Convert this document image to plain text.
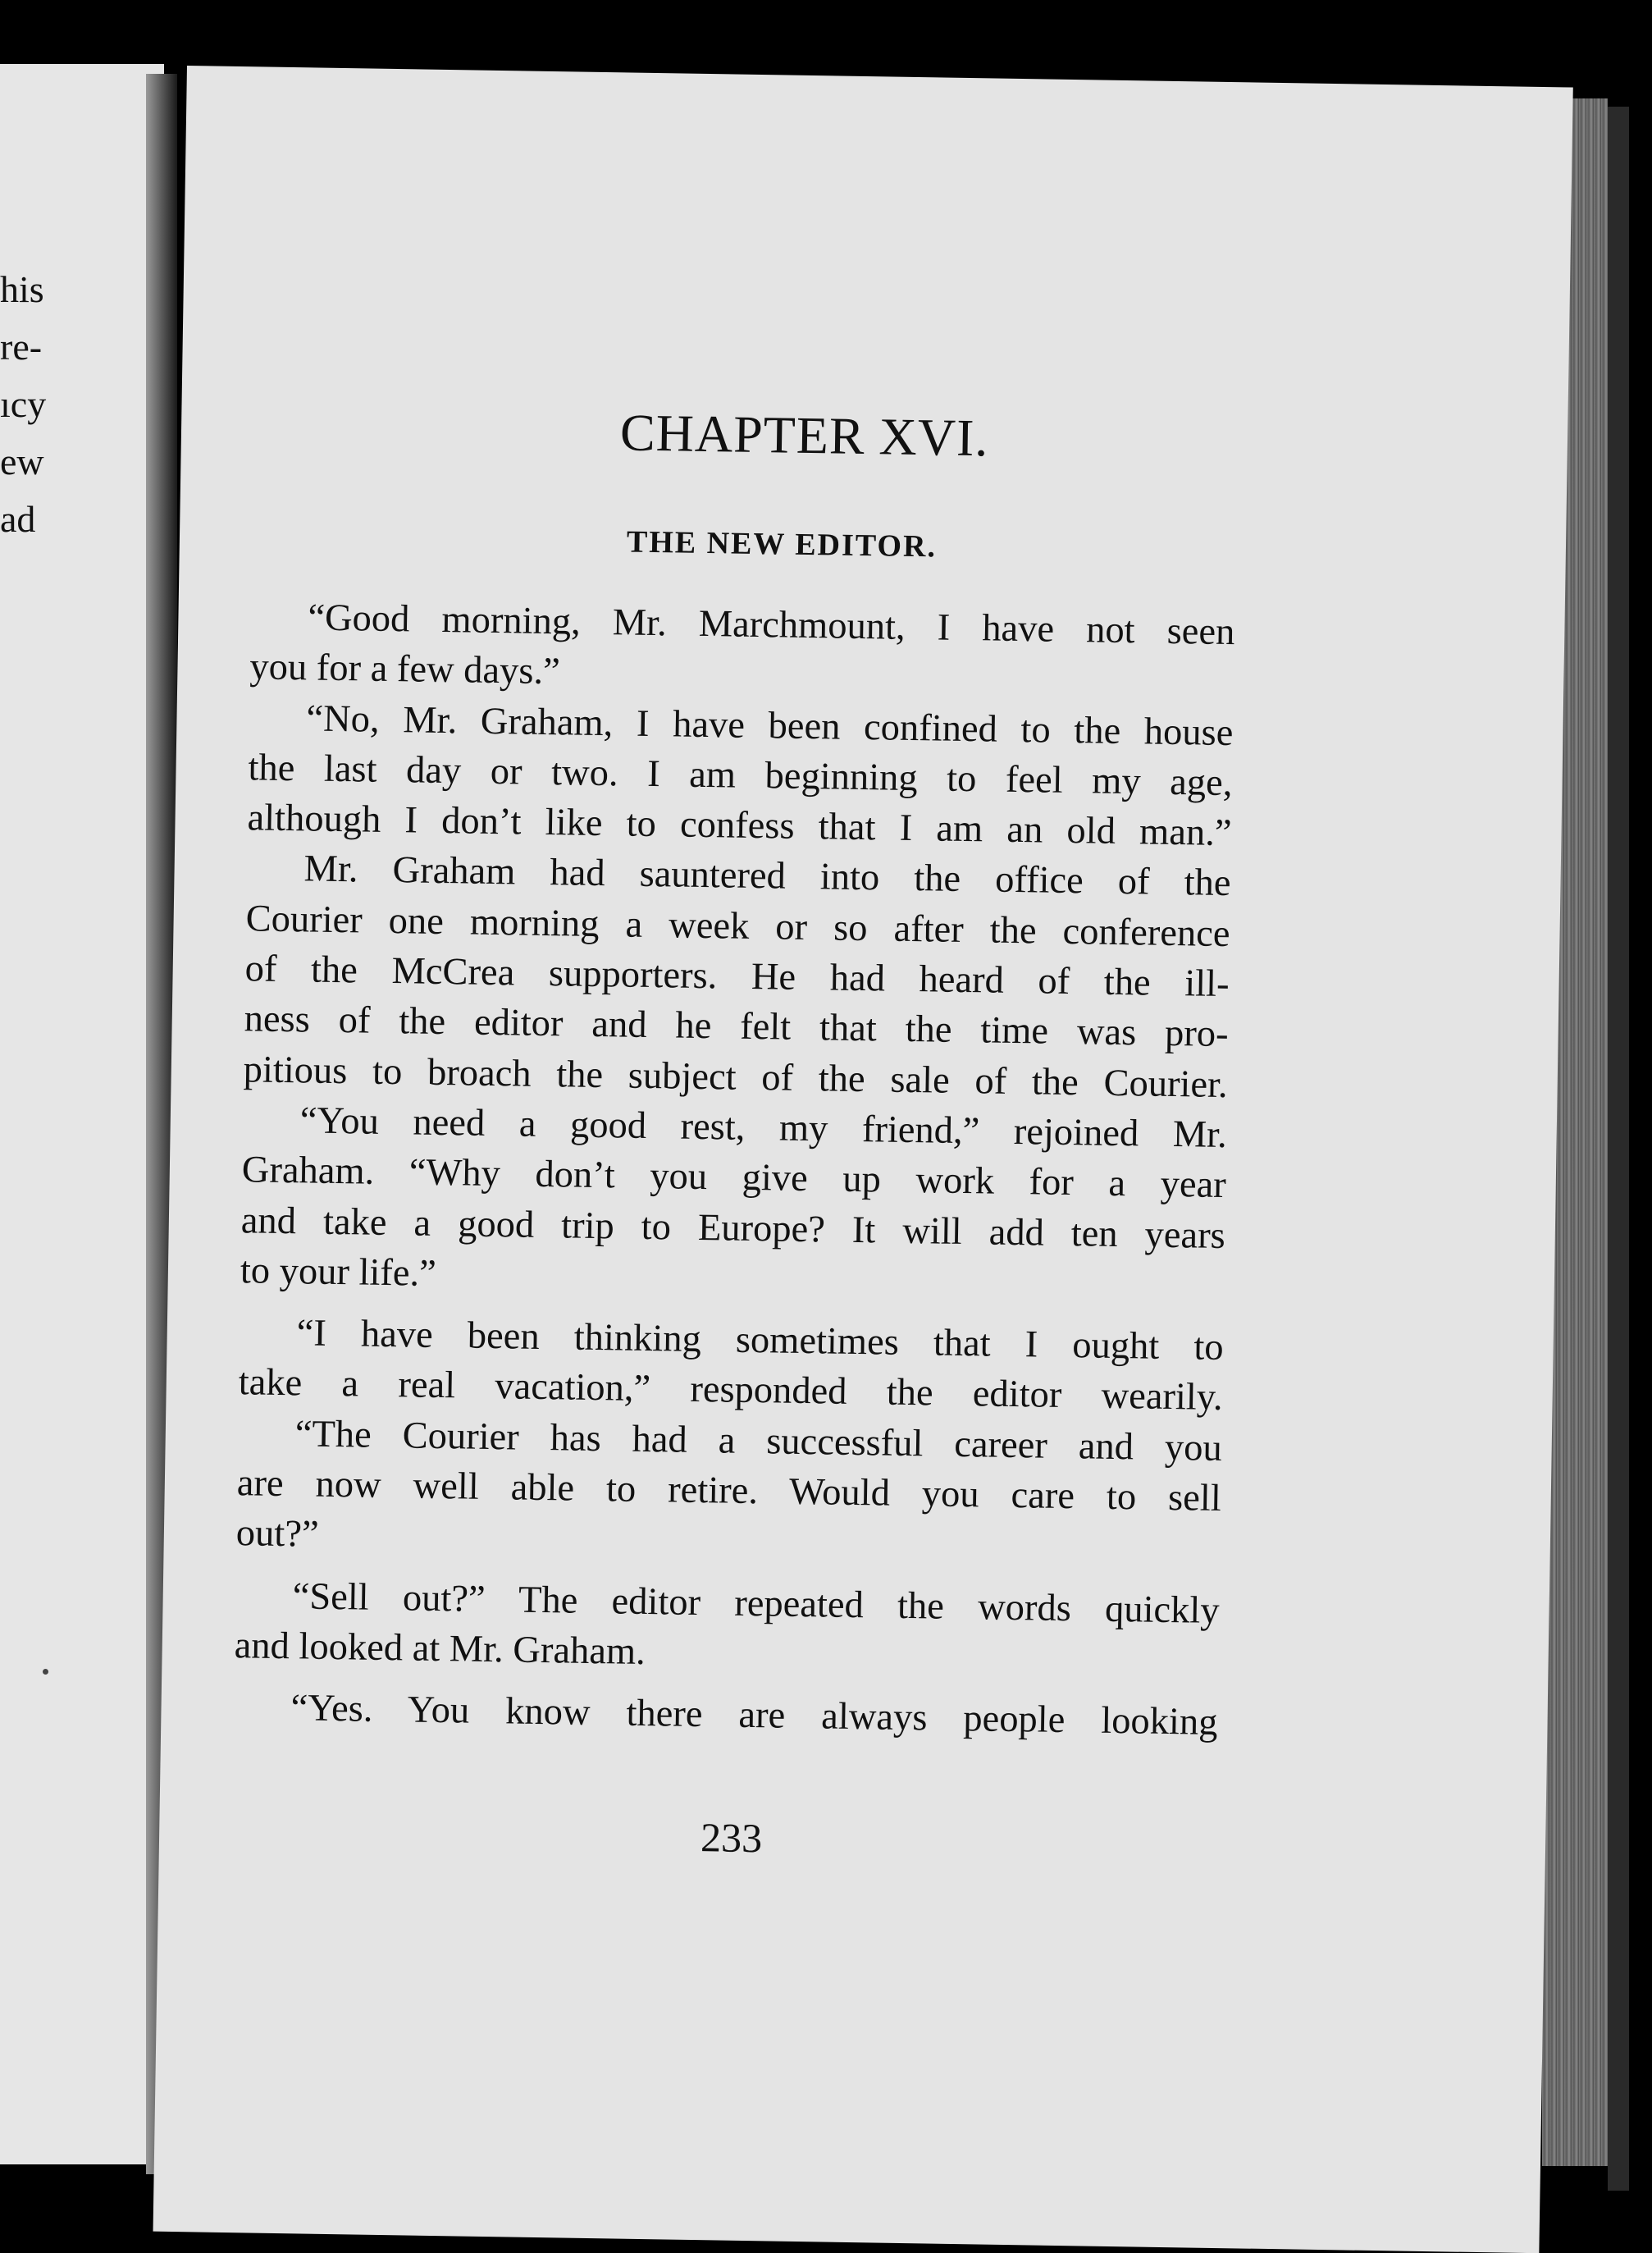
his
re-
ıcy
ew
ad
CHAPTER XVI.
THE NEW EDITOR.
“Good morning, Mr. Marchmount, I have not seen
you for a few days.”
“No, Mr. Graham, I have been confined to the house
the last day or two. I am beginning to feel my age,
although I don’t like to confess that I am an old man.”
Mr. Graham had sauntered into the office of the
Courier one morning a week or so after the conference
of the McCrea supporters. He had heard of the ill-
ness of the editor and he felt that the time was pro-
pitious to broach the subject of the sale of the Courier.
“You need a good rest, my friend,” rejoined Mr.
Graham. “Why don’t you give up work for a year
and take a good trip to Europe? It will add ten years
to your life.”
“I have been thinking sometimes that I ought to
take a real vacation,” responded the editor wearily.
“The Courier has had a successful career and you
are now well able to retire. Would you care to sell
out?”
“Sell out?” The editor repeated the words quickly
and looked at Mr. Graham.
“Yes. You know there are always people looking
233
